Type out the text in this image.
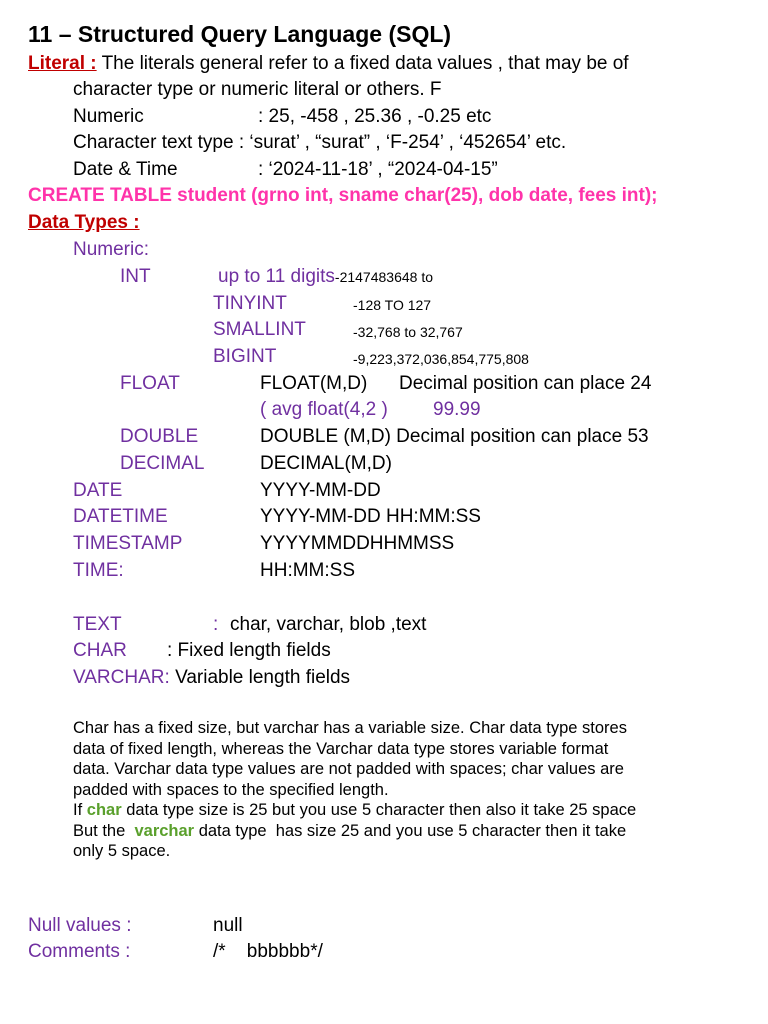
11 – Structured Query Language (SQL)
Literal : The literals general refer to a fixed data values , that may be of
character type or numeric literal or others. F
Numeric	: 25, -458 , 25.36 , -0.25 etc
Character text type : ‘surat’ , “surat” , ‘F-254’ , ‘452654’ etc.
Date & Time	: ‘2024-11-18’ , “2024-04-15”
CREATE TABLE student (grno int, sname char(25), dob date, fees int);
Data Types :
Numeric:
INT	up to 11 digits-2147483648 to
TINYINT	-128 TO 127
SMALLINT	-32,768 to 32,767
BIGINT	-9,223,372,036,854,775,808
FLOAT	FLOAT(M,D) Decimal position can place 24
( avg float(4,2 ) 99.99
DOUBLE	DOUBLE (M,D) Decimal position can place 53
DECIMAL	DECIMAL(M,D)
DATE	YYYY-MM-DD
DATETIME	YYYY-MM-DD HH:MM:SS
TIMESTAMP	YYYYMMDDHHMMSS
TIME:	HH:MM:SS
TEXT	: char, varchar, blob ,text
CHAR : Fixed length fields
VARCHAR: Variable length fields
Char has a fixed size, but varchar has a variable size. Char data type stores
data of fixed length, whereas the Varchar data type stores variable format
data. Varchar data type values are not padded with spaces; char values are
padded with spaces to the specified length.
If char data type size is 25 but you use 5 character then also it take 25 space
But the  varchar data type  has size 25 and you use 5 character then it take
only 5 space.
Null values :	null
Comments :	/*    bbbbbb*/
